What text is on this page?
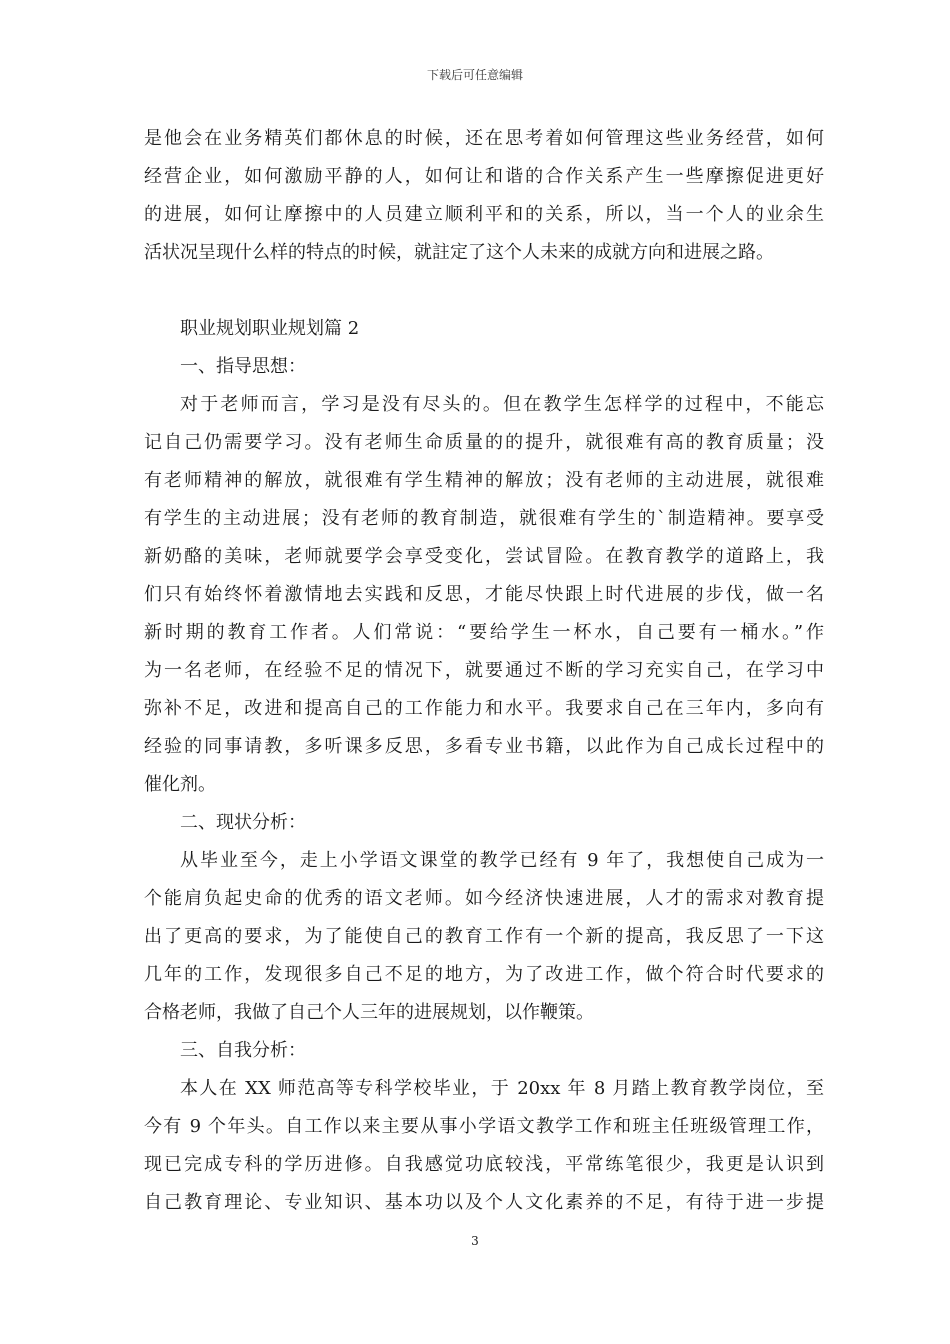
下载后可任意编辑
是他会在业务精英们都休息的时候，还在思考着如何管理这些业务经营，如何
经营企业，如何激励平静的人，如何让和谐的合作关系产生一些摩擦促进更好
的进展，如何让摩擦中的人员建立顺利平和的关系，所以，当一个人的业余生
活状况呈现什么样的特点的时候，就註定了这个人未来的成就方向和进展之路。
职业规划职业规划篇 2
一、指导思想：
对于老师而言，学习是没有尽头的。但在教学生怎样学的过程中，不能忘
记自己仍需要学习。没有老师生命质量的的提升，就很难有高的教育质量；没
有老师精神的解放，就很难有学生精神的解放；没有老师的主动进展，就很难
有学生的主动进展；没有老师的教育制造，就很难有学生的`制造精神。要享受
新奶酪的美味，老师就要学会享受变化，尝试冒险。在教育教学的道路上，我
们只有始终怀着激情地去实践和反思，才能尽快跟上时代进展的步伐，做一名
新时期的教育工作者。人们常说：“要给学生一杯水，自己要有一桶水。”作
为一名老师，在经验不足的情况下，就要通过不断的学习充实自己，在学习中
弥补不足，改进和提高自己的工作能力和水平。我要求自己在三年内，多向有
经验的同事请教，多听课多反思，多看专业书籍，以此作为自己成长过程中的
催化剂。
二、现状分析：
从毕业至今，走上小学语文课堂的教学已经有 9 年了，我想使自己成为一
个能肩负起史命的优秀的语文老师。如今经济快速进展，人才的需求对教育提
出了更高的要求，为了能使自己的教育工作有一个新的提高，我反思了一下这
几年的工作，发现很多自己不足的地方，为了改进工作，做个符合时代要求的
合格老师，我做了自己个人三年的进展规划，以作鞭策。
三、自我分析：
本人在 XX 师范高等专科学校毕业，于 20xx 年 8 月踏上教育教学岗位，至
今有 9 个年头。自工作以来主要从事小学语文教学工作和班主任班级管理工作，
现已完成专科的学历进修。自我感觉功底较浅，平常练笔很少，我更是认识到
自己教育理论、专业知识、基本功以及个人文化素养的不足，有待于进一步提
3
